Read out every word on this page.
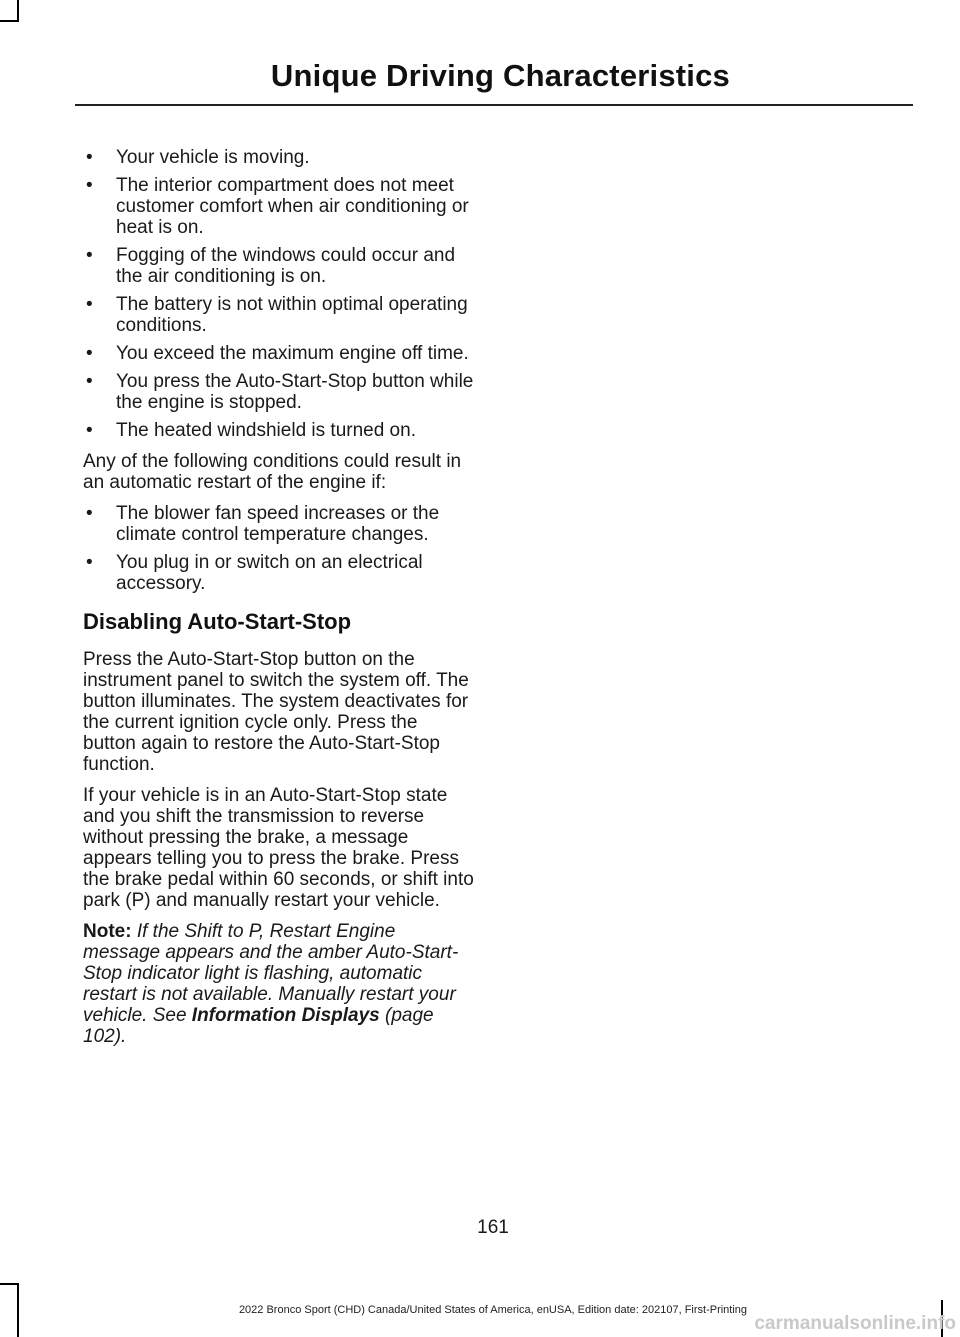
Unique Driving Characteristics
• Your vehicle is moving.
• The interior compartment does not meet customer comfort when air conditioning or heat is on.
• Fogging of the windows could occur and the air conditioning is on.
• The battery is not within optimal operating conditions.
• You exceed the maximum engine off time.
• You press the Auto-Start-Stop button while the engine is stopped.
• The heated windshield is turned on.

Any of the following conditions could result in an automatic restart of the engine if:

• The blower fan speed increases or the climate control temperature changes.
• You plug in or switch on an electrical accessory.
Disabling Auto-Start-Stop

Press the Auto-Start-Stop button on the instrument panel to switch the system off. The button illuminates. The system deactivates for the current ignition cycle only. Press the button again to restore the Auto-Start-Stop function.

If your vehicle is in an Auto-Start-Stop state and you shift the transmission to reverse without pressing the brake, a message appears telling you to press the brake. Press the brake pedal within 60 seconds, or shift into park (P) and manually restart your vehicle.

Note: If the Shift to P, Restart Engine message appears and the amber Auto-Start-Stop indicator light is flashing, automatic restart is not available. Manually restart your vehicle. See Information Displays (page 102).

161
2022 Bronco Sport (CHD) Canada/United States of America, enUSA, Edition date: 202107, First-Printing
carmanualsonline.info
